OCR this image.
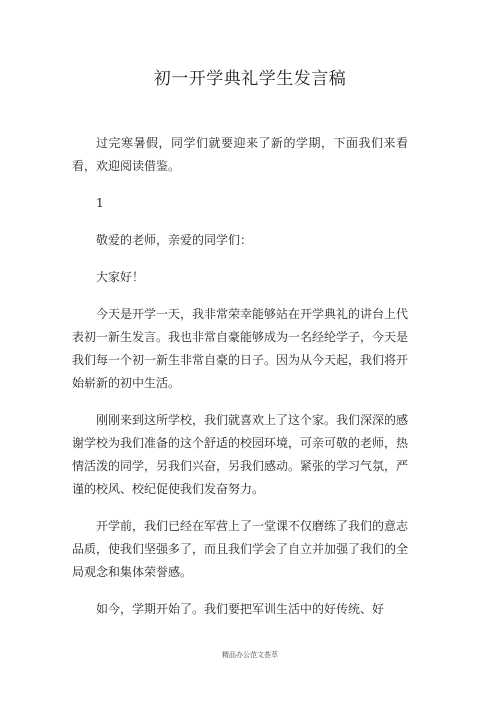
初一开学典礼学生发言稿

过完寒暑假，同学们就要迎来了新的学期，下面我们来看看，欢迎阅读借鉴。

1

敬爱的老师，亲爱的同学们：

大家好！

今天是开学一天，我非常荣幸能够站在开学典礼的讲台上代表初一新生发言。我也非常自豪能够成为一名经纶学子，今天是我们每一个初一新生非常自豪的日子。因为从今天起，我们将开始崭新的初中生活。

刚刚来到这所学校，我们就喜欢上了这个家。我们深深的感谢学校为我们准备的这个舒适的校园环境，可亲可敬的老师，热情活泼的同学，另我们兴奋，另我们感动。紧张的学习气氛，严谨的校风、校纪促使我们发奋努力。

开学前，我们已经在军营上了一堂课不仅磨练了我们的意志品质，使我们坚强多了，而且我们学会了自立并加强了我们的全局观念和集体荣誉感。

如今，学期开始了。我们要把军训生活中的好传统、好

精品办公范文荟萃
